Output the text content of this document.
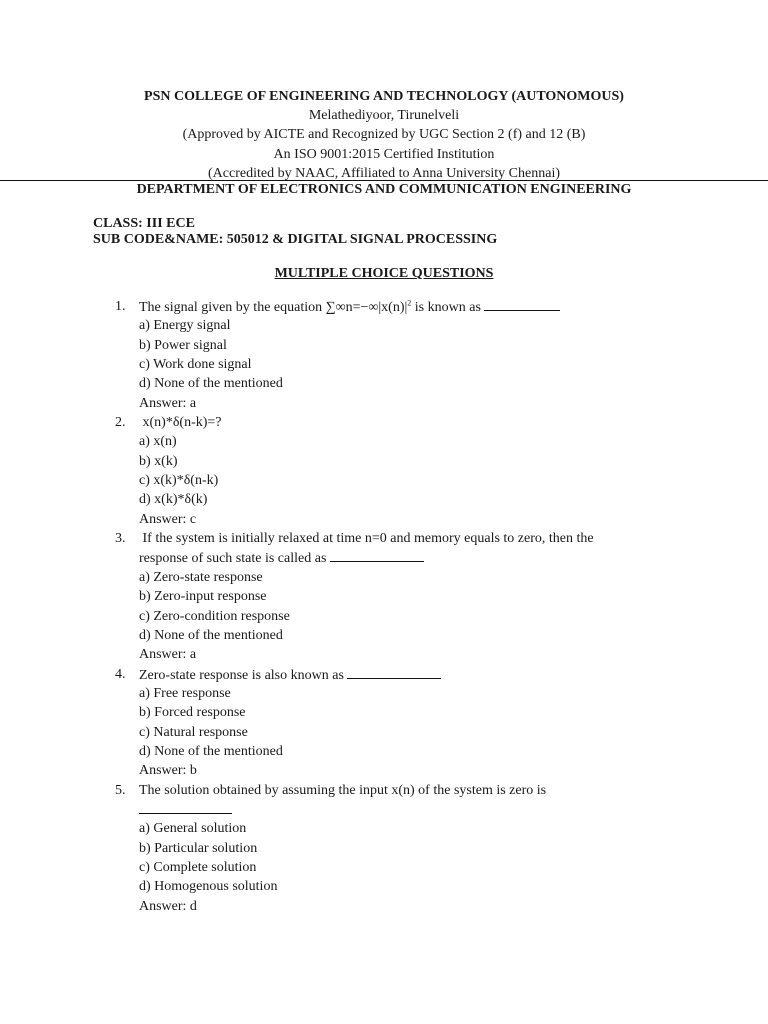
PSN COLLEGE OF ENGINEERING AND TECHNOLOGY (AUTONOMOUS)
Melathediyoor, Tirunelveli
(Approved by AICTE and Recognized by UGC Section 2 (f) and 12 (B)
An ISO 9001:2015 Certified Institution
(Accredited by NAAC, Affiliated to Anna University Chennai)
DEPARTMENT OF ELECTRONICS AND COMMUNICATION ENGINEERING
CLASS: III ECE
SUB CODE&NAME: 505012 & DIGITAL SIGNAL PROCESSING
MULTIPLE CHOICE QUESTIONS
1. The signal given by the equation $\sum\infty n=-\infty|x(n)|^2$ is known as
a) Energy signal
b) Power signal
c) Work done signal
d) None of the mentioned
Answer: a
2. x(n)*δ(n-k)=?
a) x(n)
b) x(k)
c) x(k)*δ(n-k)
d) x(k)*δ(k)
Answer: c
3. If the system is initially relaxed at time n=0 and memory equals to zero, then the
response of such state is called as
a) Zero-state response
b) Zero-input response
c) Zero-condition response
d) None of the mentioned
Answer: a
4. Zero-state response is also known as
a) Free response
b) Forced response
c) Natural response
d) None of the mentioned
Answer: b
5. The solution obtained by assuming the input x(n) of the system is zero is
a) General solution
b) Particular solution
c) Complete solution
d) Homogenous solution
Answer: d
